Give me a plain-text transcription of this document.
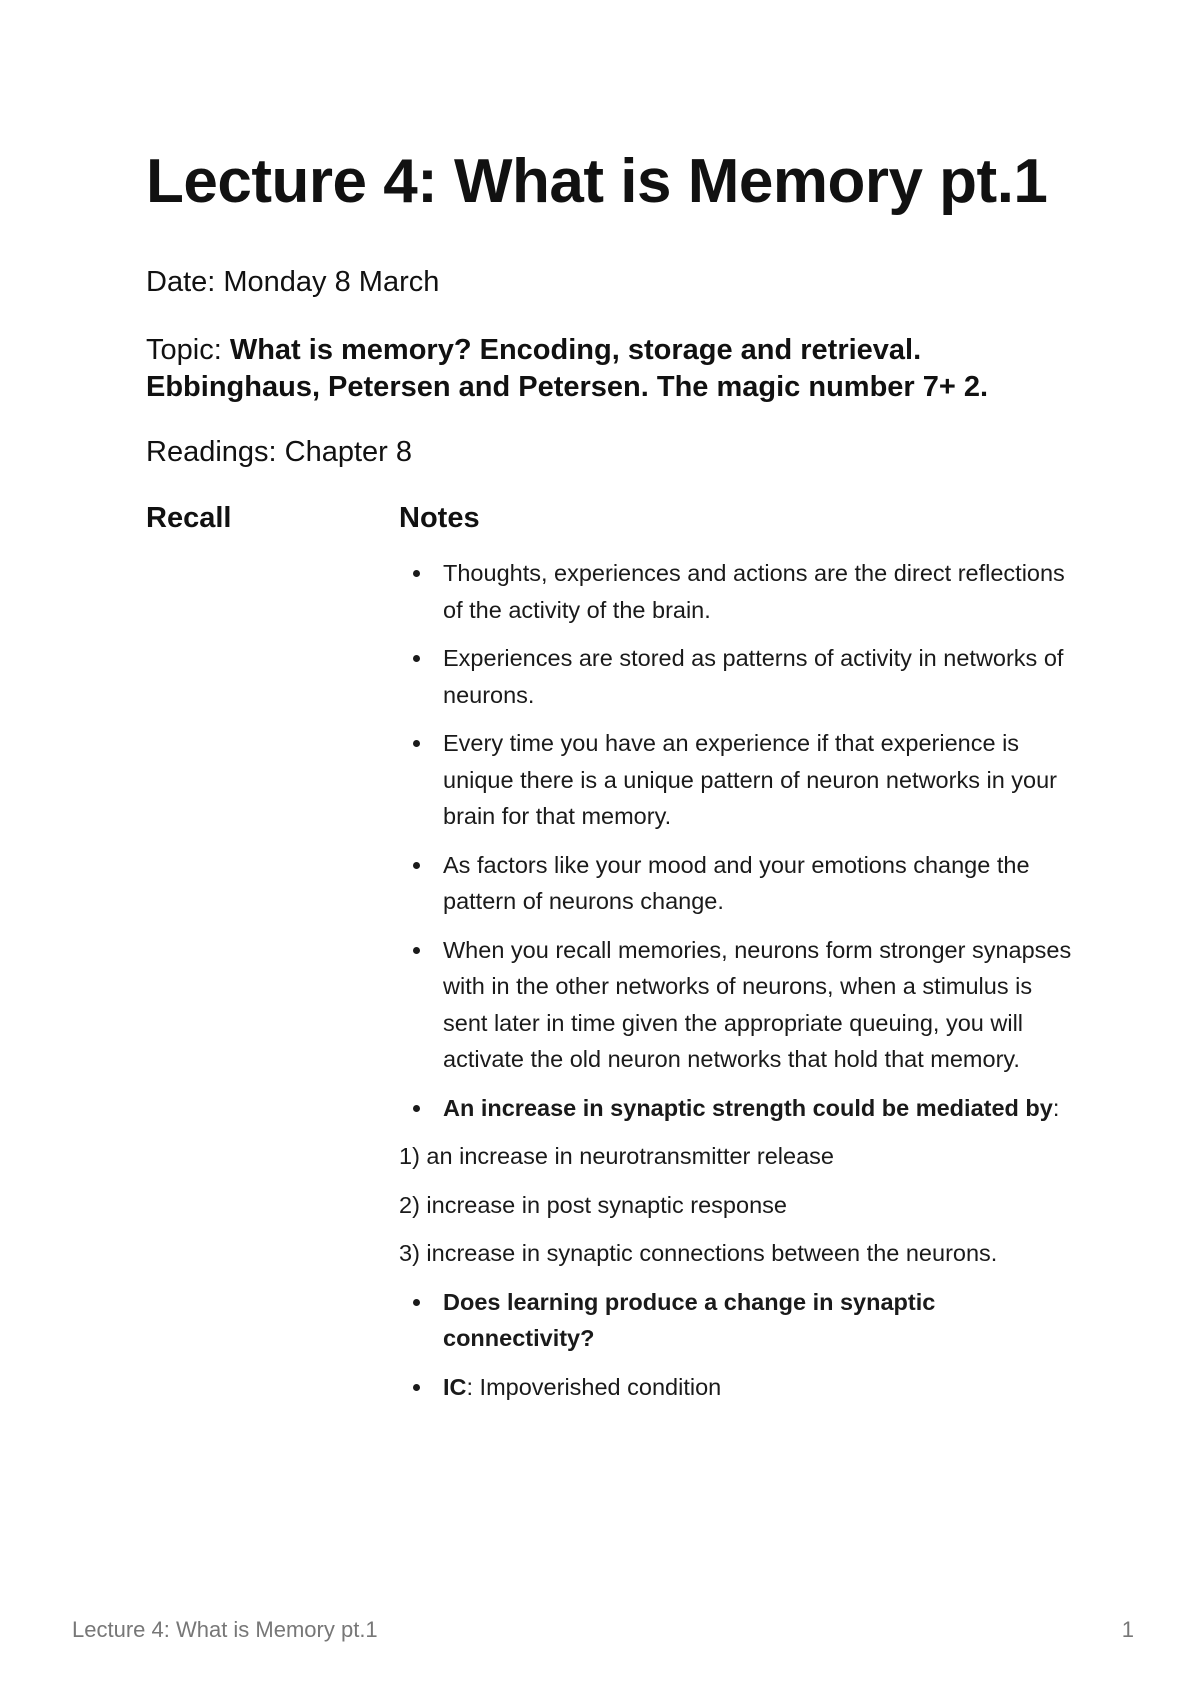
Lecture 4: What is Memory pt.1

Date: Monday 8 March

Topic: What is memory? Encoding, storage and retrieval. Ebbinghaus, Petersen and Petersen. The magic number 7+ 2.

Readings: Chapter 8

Recall	Notes

Thoughts, experiences and actions are the direct reflections of the activity of the brain.
Experiences are stored as patterns of activity in networks of neurons.
Every time you have an experience if that experience is unique there is a unique pattern of neuron networks in your brain for that memory.
As factors like your mood and your emotions change the pattern of neurons change.
When you recall memories, neurons form stronger synapses with in the other networks of neurons, when a stimulus is sent later in time given the appropriate queuing, you will activate the old neuron networks that hold that memory.
An increase in synaptic strength could be mediated by:

1) an increase in neurotransmitter release

2) increase in post synaptic response

3) increase in synaptic connections between the neurons.

Does learning produce a change in synaptic connectivity?
IC: Impoverished condition
Lecture 4: What is Memory pt.1	1
